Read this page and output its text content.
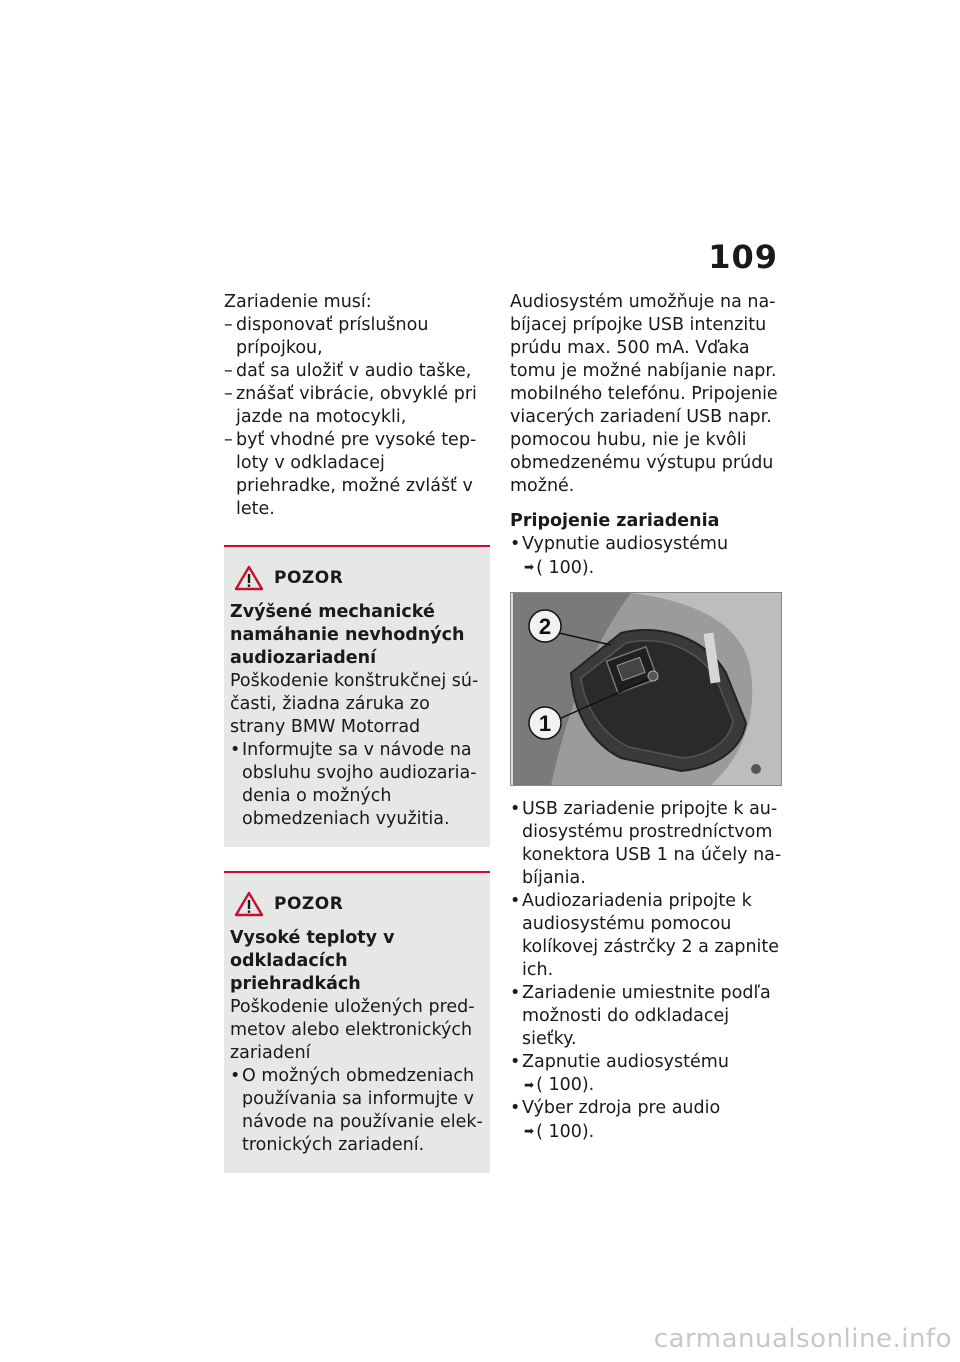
109

Zariadenie musí:

– disponovať príslušnou prípojkou,
– dať sa uložiť v audio taške,
– znášať vibrácie, obvyklé pri jazde na motocykli,
– byť vhodné pre vysoké teploty v odkladacej priehradke, možné zvlášť v lete.
POZOR

Zvýšené mechanické namáhanie nevhodných audiozariadení

Poškodenie konštrukčnej súčasti, žiadna záruka zo strany BMW Motorrad

• Informujte sa v návode na obsluhu svojho audiozariadenia o možných obmedzeniach využitia.
POZOR

Vysoké teploty v odkladacích priehradkách

Poškodenie uložených predmetov alebo elektronických zariadení

• O možných obmedzeniach používania sa informujte v návode na používanie elektronických zariadení.

Audiosystém umožňuje na nabíjacej prípojke USB intenzitu prúdu max. 500 mA. Vďaka tomu je možné nabíjanie napr. mobilného telefónu. Pripojenie viacerých zariadení USB napr. pomocou hubu, nie je kvôli obmedzenému výstupu prúdu možné.

Pripojenie zariadenia

• Vypnutie audiosystému
➡ ( 100).
2
1
• USB zariadenie pripojte k audiosystému prostredníctvom konektora USB 1 na účely nabíjania.
• Audiozariadenia pripojte k audiosystému pomocou kolíkovej zástrčky 2 a zapnite ich.
• Zariadenie umiestnite podľa možnosti do odkladacej sieťky.
• Zapnutie audiosystému
➡ ( 100).
• Výber zdroja pre audio
➡ ( 100).
carmanualsonline.info
